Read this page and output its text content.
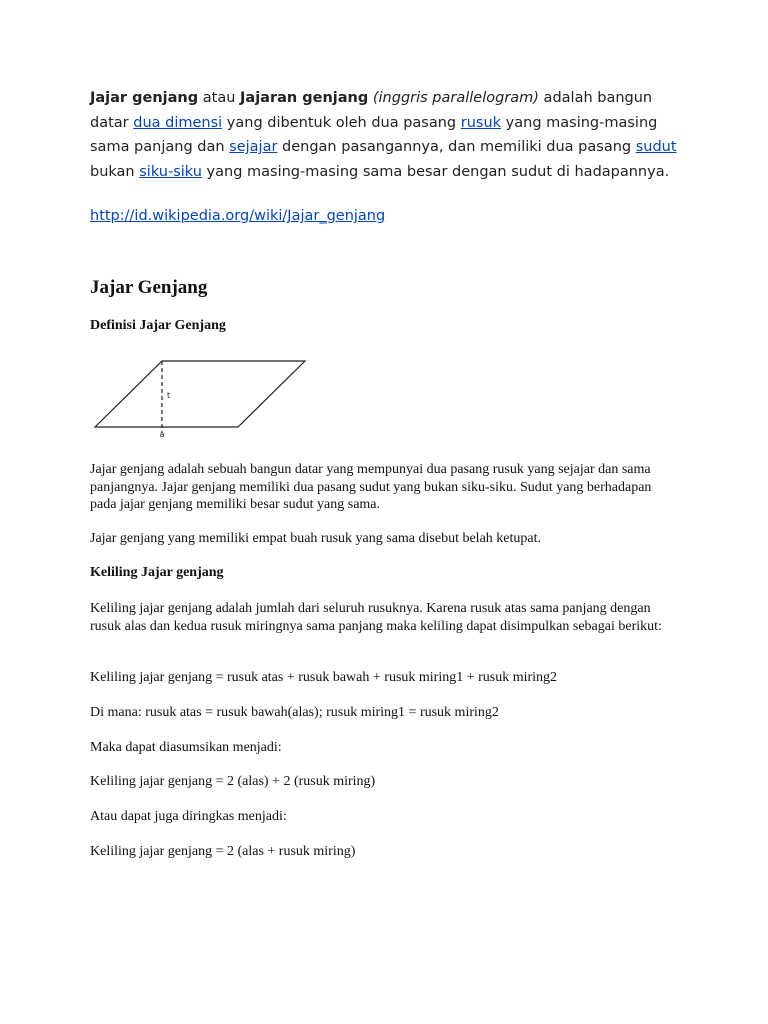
Jajar genjang atau Jajaran genjang (inggris parallelogram) adalah bangun datar dua dimensi yang dibentuk oleh dua pasang rusuk yang masing-masing sama panjang dan sejajar dengan pasangannya, dan memiliki dua pasang sudut bukan siku-siku yang masing-masing sama besar dengan sudut di hadapannya.
http://id.wikipedia.org/wiki/Jajar_genjang
Jajar Genjang
Definisi Jajar Genjang
t
a

Jajar genjang adalah sebuah bangun datar yang mempunyai dua pasang rusuk yang sejajar dan sama panjangnya. Jajar genjang memiliki dua pasang sudut yang bukan siku-siku. Sudut yang berhadapan pada jajar genjang memiliki besar sudut yang sama.

Jajar genjang yang memiliki empat buah rusuk yang sama disebut belah ketupat.

Keliling Jajar genjang

Keliling jajar genjang adalah jumlah dari seluruh rusuknya. Karena rusuk atas sama panjang dengan rusuk alas dan kedua rusuk miringnya sama panjang maka keliling dapat disimpulkan sebagai berikut:

Keliling jajar genjang = rusuk atas + rusuk bawah + rusuk miring1 + rusuk miring2

Di mana: rusuk atas = rusuk bawah(alas); rusuk miring1 = rusuk miring2

Maka dapat diasumsikan menjadi:

Keliling jajar genjang = 2 (alas) + 2 (rusuk miring)

Atau dapat juga diringkas menjadi:

Keliling jajar genjang = 2 (alas + rusuk miring)
